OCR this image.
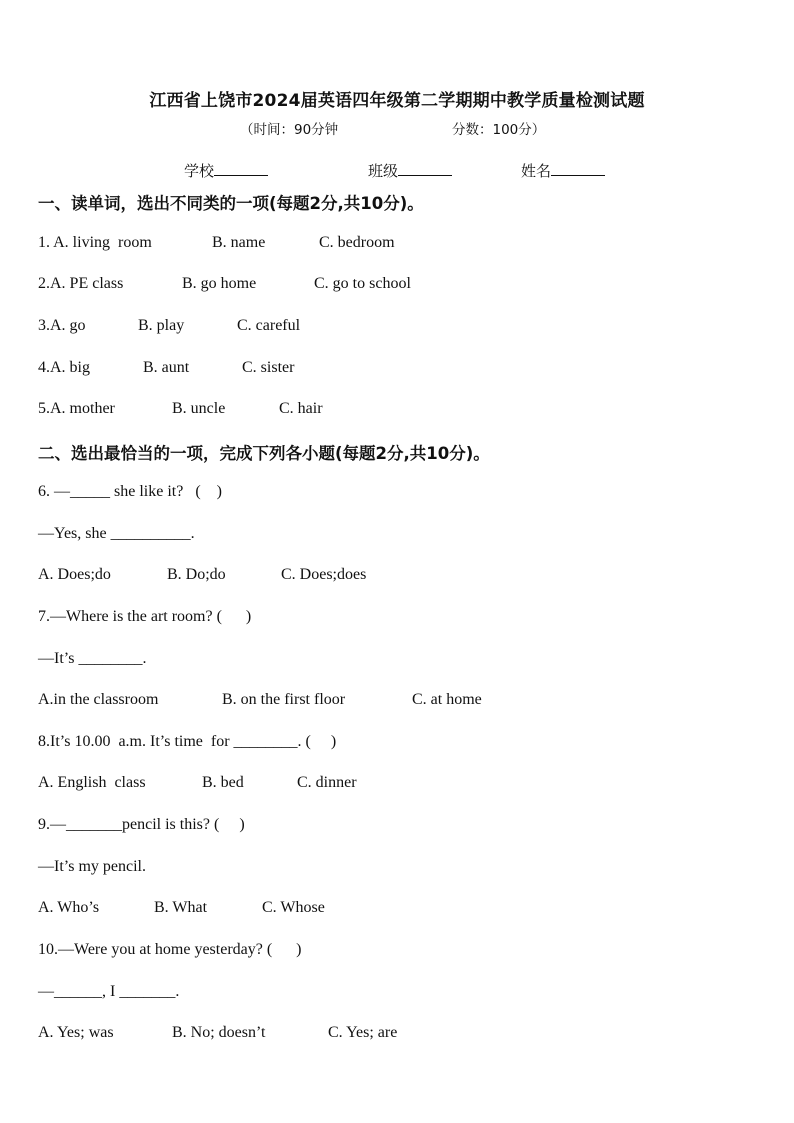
江西省上饶市2024届英语四年级第二学期期中教学质量检测试题
（时间：90分钟	分数：100分）
学校	班级	姓名
一、读单词，选出不同类的一项(每题2分,共10分)。
1. A. living  room	B. name	C. bedroom
2.A. PE class	B. go home	C. go to school
3.A. go	B. play	C. careful
4.A. big	B. aunt	C. sister
5.A. mother	B. uncle	C. hair
二、选出最恰当的一项，完成下列各小题(每题2分,共10分)。
6. —_____ she like it?   (    )
—Yes, she __________.
A. Does;do	B. Do;do	C. Does;does
7.—Where is the art room? (      )
—It’s ________.
A.in the classroom	B. on the first floor	C. at home
8.It’s 10.00  a.m. It’s time  for ________. (     )
A. English  class	B. bed	C. dinner
9.—_______pencil is this? (     )
—It’s my pencil.
A. Who’s	B. What	C. Whose
10.—Were you at home yesterday? (      )
—______, I _______.
A. Yes; was	B. No; doesn’t	C. Yes; are
